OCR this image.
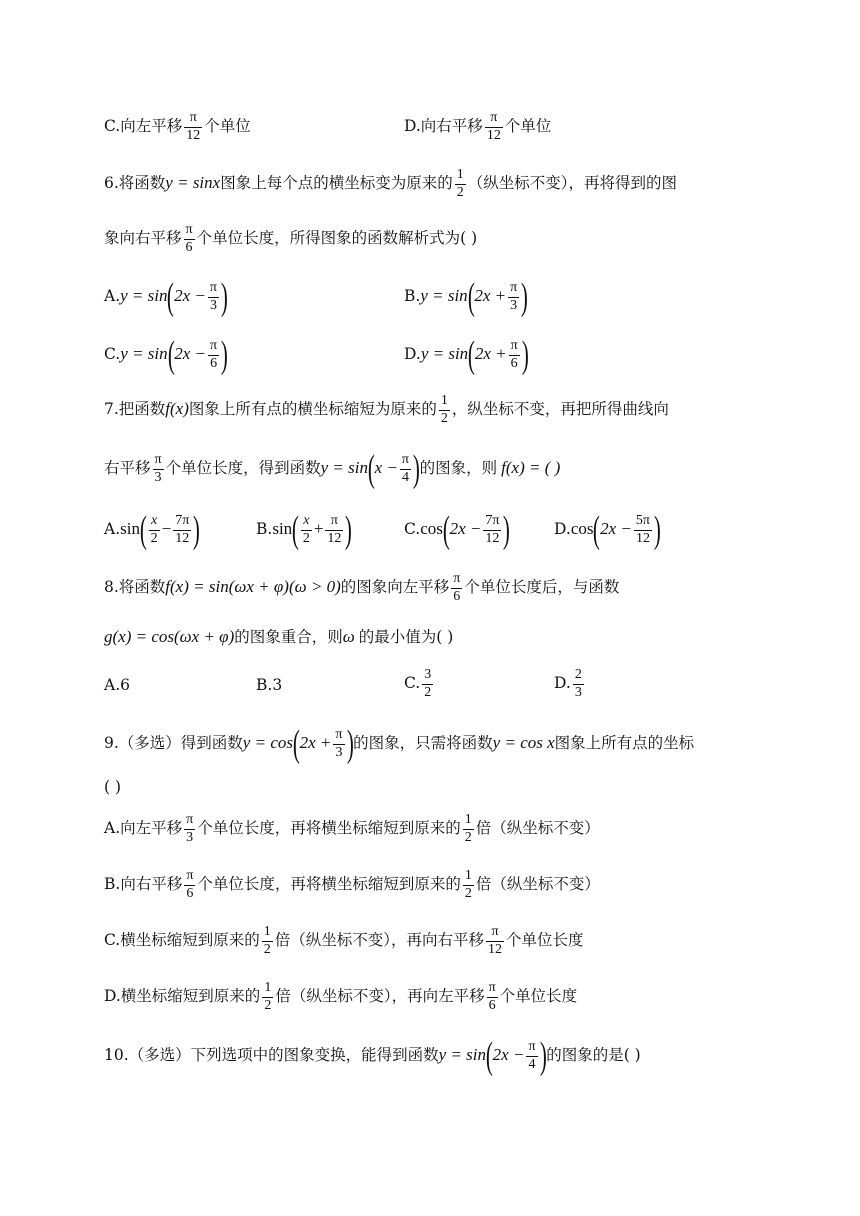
C.向左平移 $\frac{\pi}{12}$ 个单位	D.向右平移 $\frac{\pi}{12}$ 个单位
6.将函数y = sinx图象上每个点的横坐标变为原来的 $\frac{1}{2}$ （纵坐标不变），再将得到的图
象向右平移 $\frac{\pi}{6}$ 个单位长度，所得图象的函数解析式为( )
$A.y = \sin(2x - \frac{\pi}{3}$ )	$B.y = \sin(2x + \frac{\pi}{3}$ )
$C.y = \sin(2x - \frac{\pi}{6}$ )	$D.y = \sin(2x + \frac{\pi}{6}$ )
7.把函数f(x)图象上所有点的横坐标缩短为原来的 $\frac{1}{2}$ ，纵坐标不变，再把所得曲线向
右平移 $\frac{\pi}{3}$ 个单位长度，得到函数$y = \sin(x - \frac{\pi}{4}$ )的图象，则 f(x) = ( )
$A.\sin( \frac{x}{2} - \frac{7\pi}{12}$ )	$B.\sin( \frac{x}{2} + \frac{\pi}{12}$ )	$C.\cos(2x - \frac{7\pi}{12}$ )	$D.\cos(2x - \frac{5\pi}{12}$ )
8.将函数f(x) = sin(ωx + φ)(ω > 0)的图象向左平移 $\frac{\pi}{6}$ 个单位长度后，与函数
g(x) = cos(ωx + φ)的图象重合，则ω 的最小值为( )
A.6	B.3	C. $\frac{3}{2}$	D. $\frac{2}{3}$
9.（多选）得到函数$y = \cos(2x + \frac{\pi}{3}$ )的图象，只需将函数y = cos x图象上所有点的坐标
( )
A.向左平移 $\frac{\pi}{3}$ 个单位长度，再将横坐标缩短到原来的 $\frac{1}{2}$ 倍（纵坐标不变）
B.向右平移 $\frac{\pi}{6}$ 个单位长度，再将横坐标缩短到原来的 $\frac{1}{2}$ 倍（纵坐标不变）
C.横坐标缩短到原来的 $\frac{1}{2}$ 倍（纵坐标不变），再向右平移 $\frac{\pi}{12}$ 个单位长度
D.横坐标缩短到原来的 $\frac{1}{2}$ 倍（纵坐标不变），再向左平移 $\frac{\pi}{6}$ 个单位长度
10.（多选）下列选项中的图象变换，能得到函数$y = \sin(2x - \frac{\pi}{4}$ )的图象的是( )
